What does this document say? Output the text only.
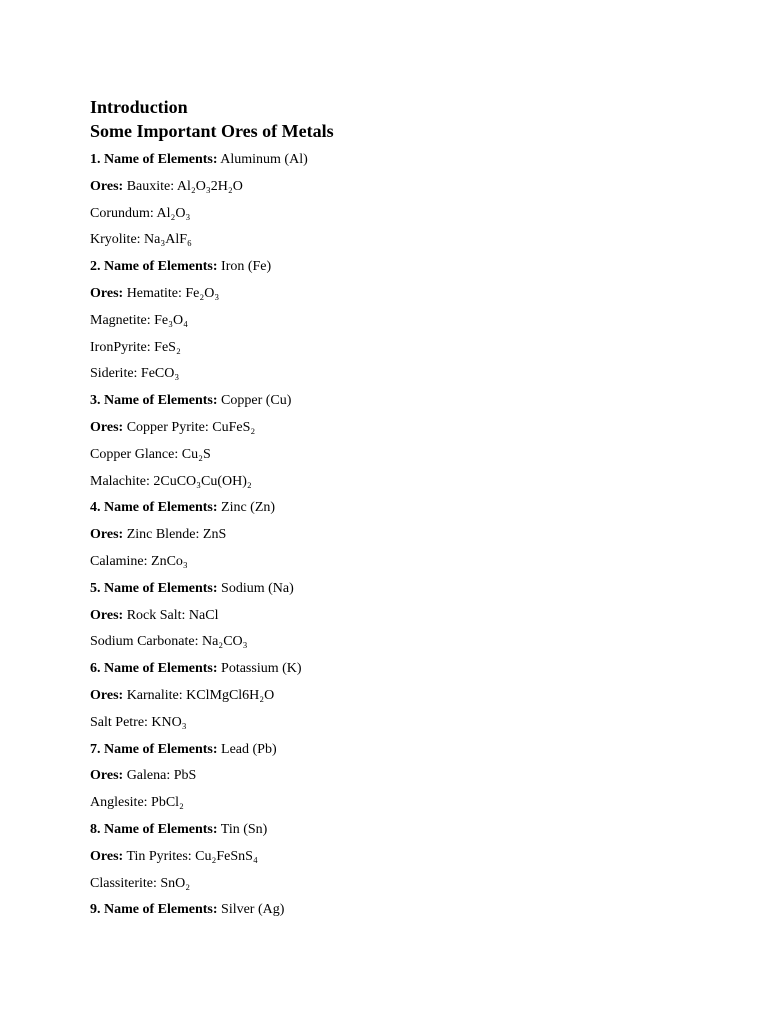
Introduction
Some Important Ores of Metals

1. Name of Elements: Aluminum (Al)

Ores: Bauxite: Al₂O₃2H₂O

Corundum: Al₂O₃

Kryolite: Na₃AlF₆

2. Name of Elements: Iron (Fe)

Ores: Hematite: Fe₂O₃

Magnetite: Fe₃O₄

IronPyrite: FeS₂

Siderite: FeCO₃

3. Name of Elements: Copper (Cu)

Ores: Copper Pyrite: CuFeS₂

Copper Glance: Cu₂S

Malachite: 2CuCO₃Cu(OH)₂

4. Name of Elements: Zinc (Zn)

Ores: Zinc Blende: ZnS

Calamine: ZnCo₃

5. Name of Elements: Sodium (Na)

Ores: Rock Salt: NaCl

Sodium Carbonate: Na₂CO₃

6. Name of Elements: Potassium (K)

Ores: Karnalite: KClMgCl6H₂O

Salt Petre: KNO₃

7. Name of Elements: Lead (Pb)

Ores: Galena: PbS

Anglesite: PbCl₂

8. Name of Elements: Tin (Sn)

Ores: Tin Pyrites: Cu₂FeSnS₄

Classiterite: SnO₂

9. Name of Elements: Silver (Ag)
